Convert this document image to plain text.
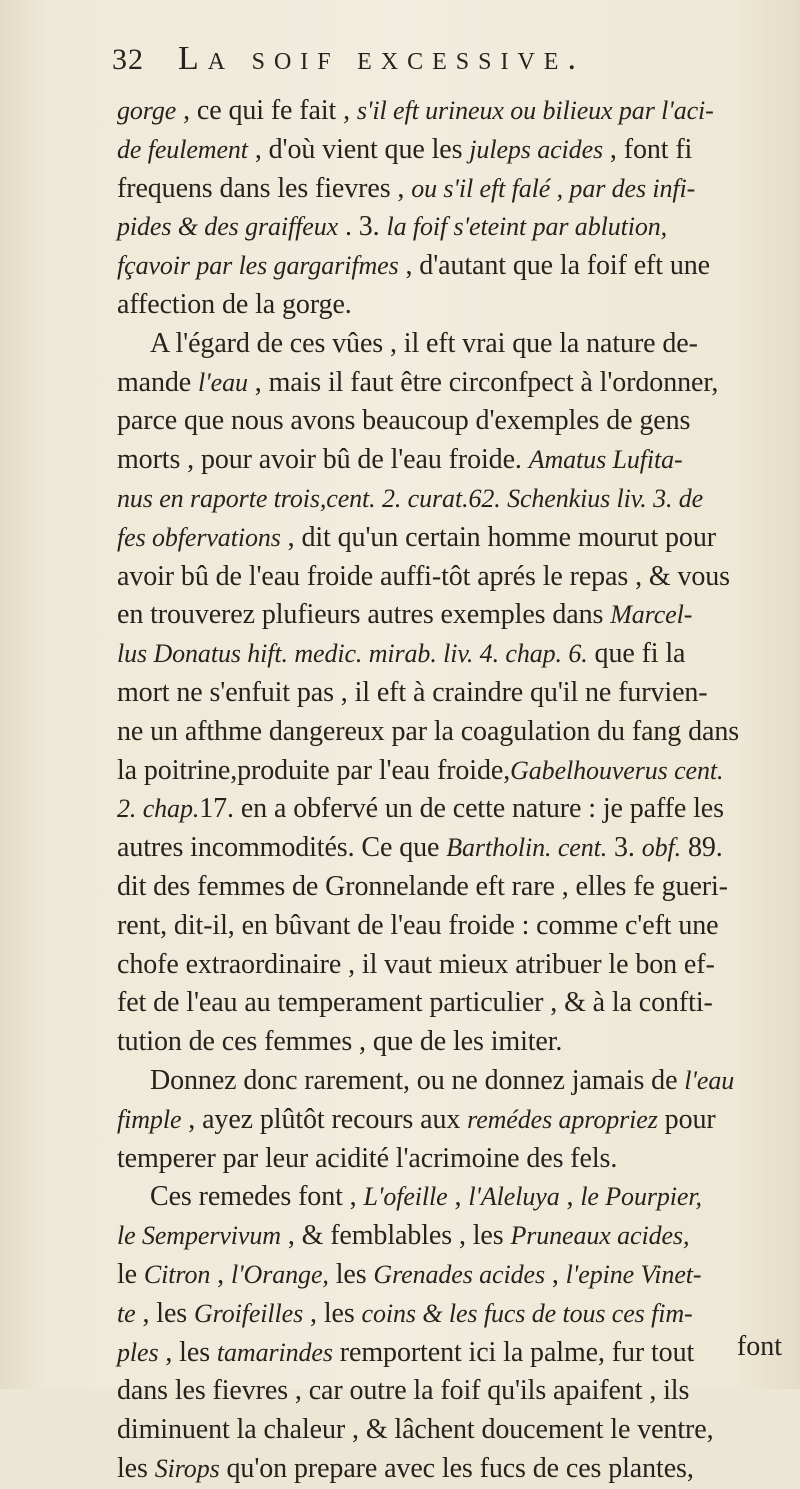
32 La soif excessive.
gorge , ce qui fe fait , s'il eft urineux ou bilieux par l'aci-
de feulement , d'où vient que les juleps acides , font fi
frequens dans les fievres , ou s'il eft falé , par des infi-
pides & des graiffeux . 3. la foif s'eteint par ablution,
fçavoir par les gargarifmes , d'autant que la foif eft une
affection de la gorge.
A l'égard de ces vûes , il eft vrai que la nature de-
mande l'eau , mais il faut être circonfpect à l'ordonner,
parce que nous avons beaucoup d'exemples de gens
morts , pour avoir bû de l'eau froide. Amatus Lufita-
nus en raporte trois,cent. 2. curat.62. Schenkius liv. 3. de
fes obfervations , dit qu'un certain homme mourut pour
avoir bû de l'eau froide auffi-tôt aprés le repas , & vous
en trouverez plufieurs autres exemples dans Marcel-
lus Donatus hift. medic. mirab. liv. 4. chap. 6. que fi la
mort ne s'enfuit pas , il eft à craindre qu'il ne furvien-
ne un afthme dangereux par la coagulation du fang dans
la poitrine,produite par l'eau froide,Gabelhouverus cent.
2. chap.17. en a obfervé un de cette nature : je paffe les
autres incommodités. Ce que Bartholin. cent. 3. obf. 89.
dit des femmes de Gronnelande eft rare , elles fe gueri-
rent, dit-il, en bûvant de l'eau froide : comme c'eft une
chofe extraordinaire , il vaut mieux atribuer le bon ef-
fet de l'eau au temperament particulier , & à la confti-
tution de ces femmes , que de les imiter.
Donnez donc rarement, ou ne donnez jamais de l'eau
fimple , ayez plûtôt recours aux remédes apropriez pour
temperer par leur acidité l'acrimoine des fels.
Ces remedes font , L'ofeille , l'Aleluya , le Pourpier,
le Sempervivum , & femblables , les Pruneaux acides,
le Citron , l'Orange, les Grenades acides , l'epine Vinet-
te , les Groifeilles , les coins & les fucs de tous ces fim-
ples , les tamarindes remportent ici la palme, fur tout
dans les fievres , car outre la foif qu'ils apaifent , ils
diminuent la chaleur , & lâchent doucement le ventre,
les Sirops qu'on prepare avec les fucs de ces plantes,
font
